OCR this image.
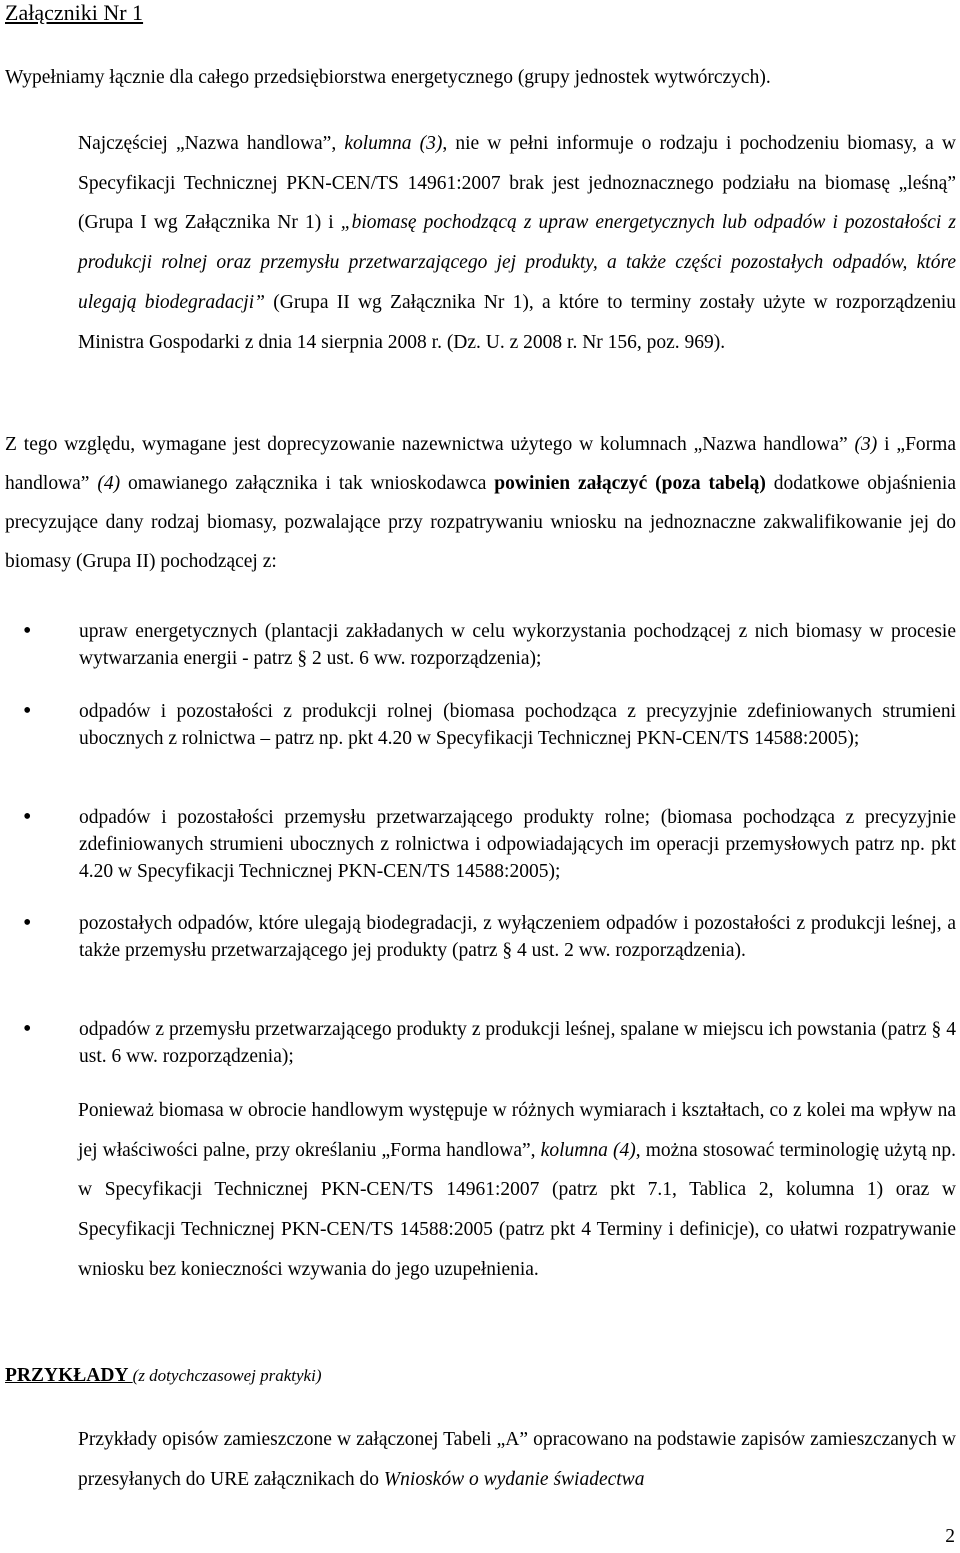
Załączniki Nr 1

Wypełniamy łącznie dla całego przedsiębiorstwa energetycznego (grupy jednostek wytwórczych).

Najczęściej „Nazwa handlowa”, kolumna (3), nie w pełni informuje o rodzaju i pochodzeniu biomasy, a w Specyfikacji Technicznej PKN-CEN/TS 14961:2007 brak jest jednoznacznego podziału na biomasę „leśną” (Grupa I wg Załącznika Nr 1) i „biomasę pochodzącą z upraw energetycznych lub odpadów i pozostałości z produkcji rolnej oraz przemysłu przetwarzającego jej produkty, a także części pozostałych odpadów, które ulegają biodegradacji” (Grupa II wg Załącznika Nr 1), a które to terminy zostały użyte w rozporządzeniu Ministra Gospodarki z dnia 14 sierpnia 2008 r. (Dz. U. z 2008 r. Nr 156, poz. 969).

Z tego względu, wymagane jest doprecyzowanie nazewnictwa użytego w kolumnach „Nazwa handlowa” (3) i „Forma handlowa” (4) omawianego załącznika i tak wnioskodawca powinien załączyć (poza tabelą) dodatkowe objaśnienia precyzujące dany rodzaj biomasy, pozwalające przy rozpatrywaniu wniosku na jednoznaczne zakwalifikowanie jej do biomasy (Grupa II) pochodzącej z:

•	upraw energetycznych (plantacji zakładanych w celu wykorzystania pochodzącej z nich biomasy w procesie wytwarzania energii - patrz § 2 ust. 6 ww. rozporządzenia);
•	odpadów i pozostałości z produkcji rolnej (biomasa pochodząca z precyzyjnie zdefiniowanych strumieni ubocznych z rolnictwa – patrz np. pkt 4.20 w Specyfikacji Technicznej PKN-CEN/TS 14588:2005);
•	odpadów i pozostałości przemysłu przetwarzającego produkty rolne; (biomasa pochodząca z precyzyjnie zdefiniowanych strumieni ubocznych z rolnictwa i odpowiadających im operacji przemysłowych patrz np. pkt 4.20 w Specyfikacji Technicznej PKN-CEN/TS 14588:2005);
•	pozostałych odpadów, które ulegają biodegradacji, z wyłączeniem odpadów i pozostałości z produkcji leśnej, a także przemysłu przetwarzającego jej produkty (patrz § 4 ust. 2 ww. rozporządzenia).
•	odpadów z przemysłu przetwarzającego produkty z produkcji leśnej, spalane w miejscu ich powstania (patrz § 4 ust. 6 ww. rozporządzenia);

Ponieważ biomasa w obrocie handlowym występuje w różnych wymiarach i kształtach, co z kolei ma wpływ na jej właściwości palne, przy określaniu „Forma handlowa”, kolumna (4), można stosować terminologię użytą np. w Specyfikacji Technicznej PKN-CEN/TS 14961:2007 (patrz pkt 7.1, Tablica 2, kolumna 1) oraz w Specyfikacji Technicznej PKN-CEN/TS 14588:2005 (patrz pkt 4 Terminy i definicje), co ułatwi rozpatrywanie wniosku bez konieczności wzywania do jego uzupełnienia.

PRZYKŁADY (z dotychczasowej praktyki)

Przykłady opisów zamieszczone w załączonej Tabeli „A” opracowano na podstawie zapisów zamieszczanych w przesyłanych do URE załącznikach do Wniosków o wydanie świadectwa

2
